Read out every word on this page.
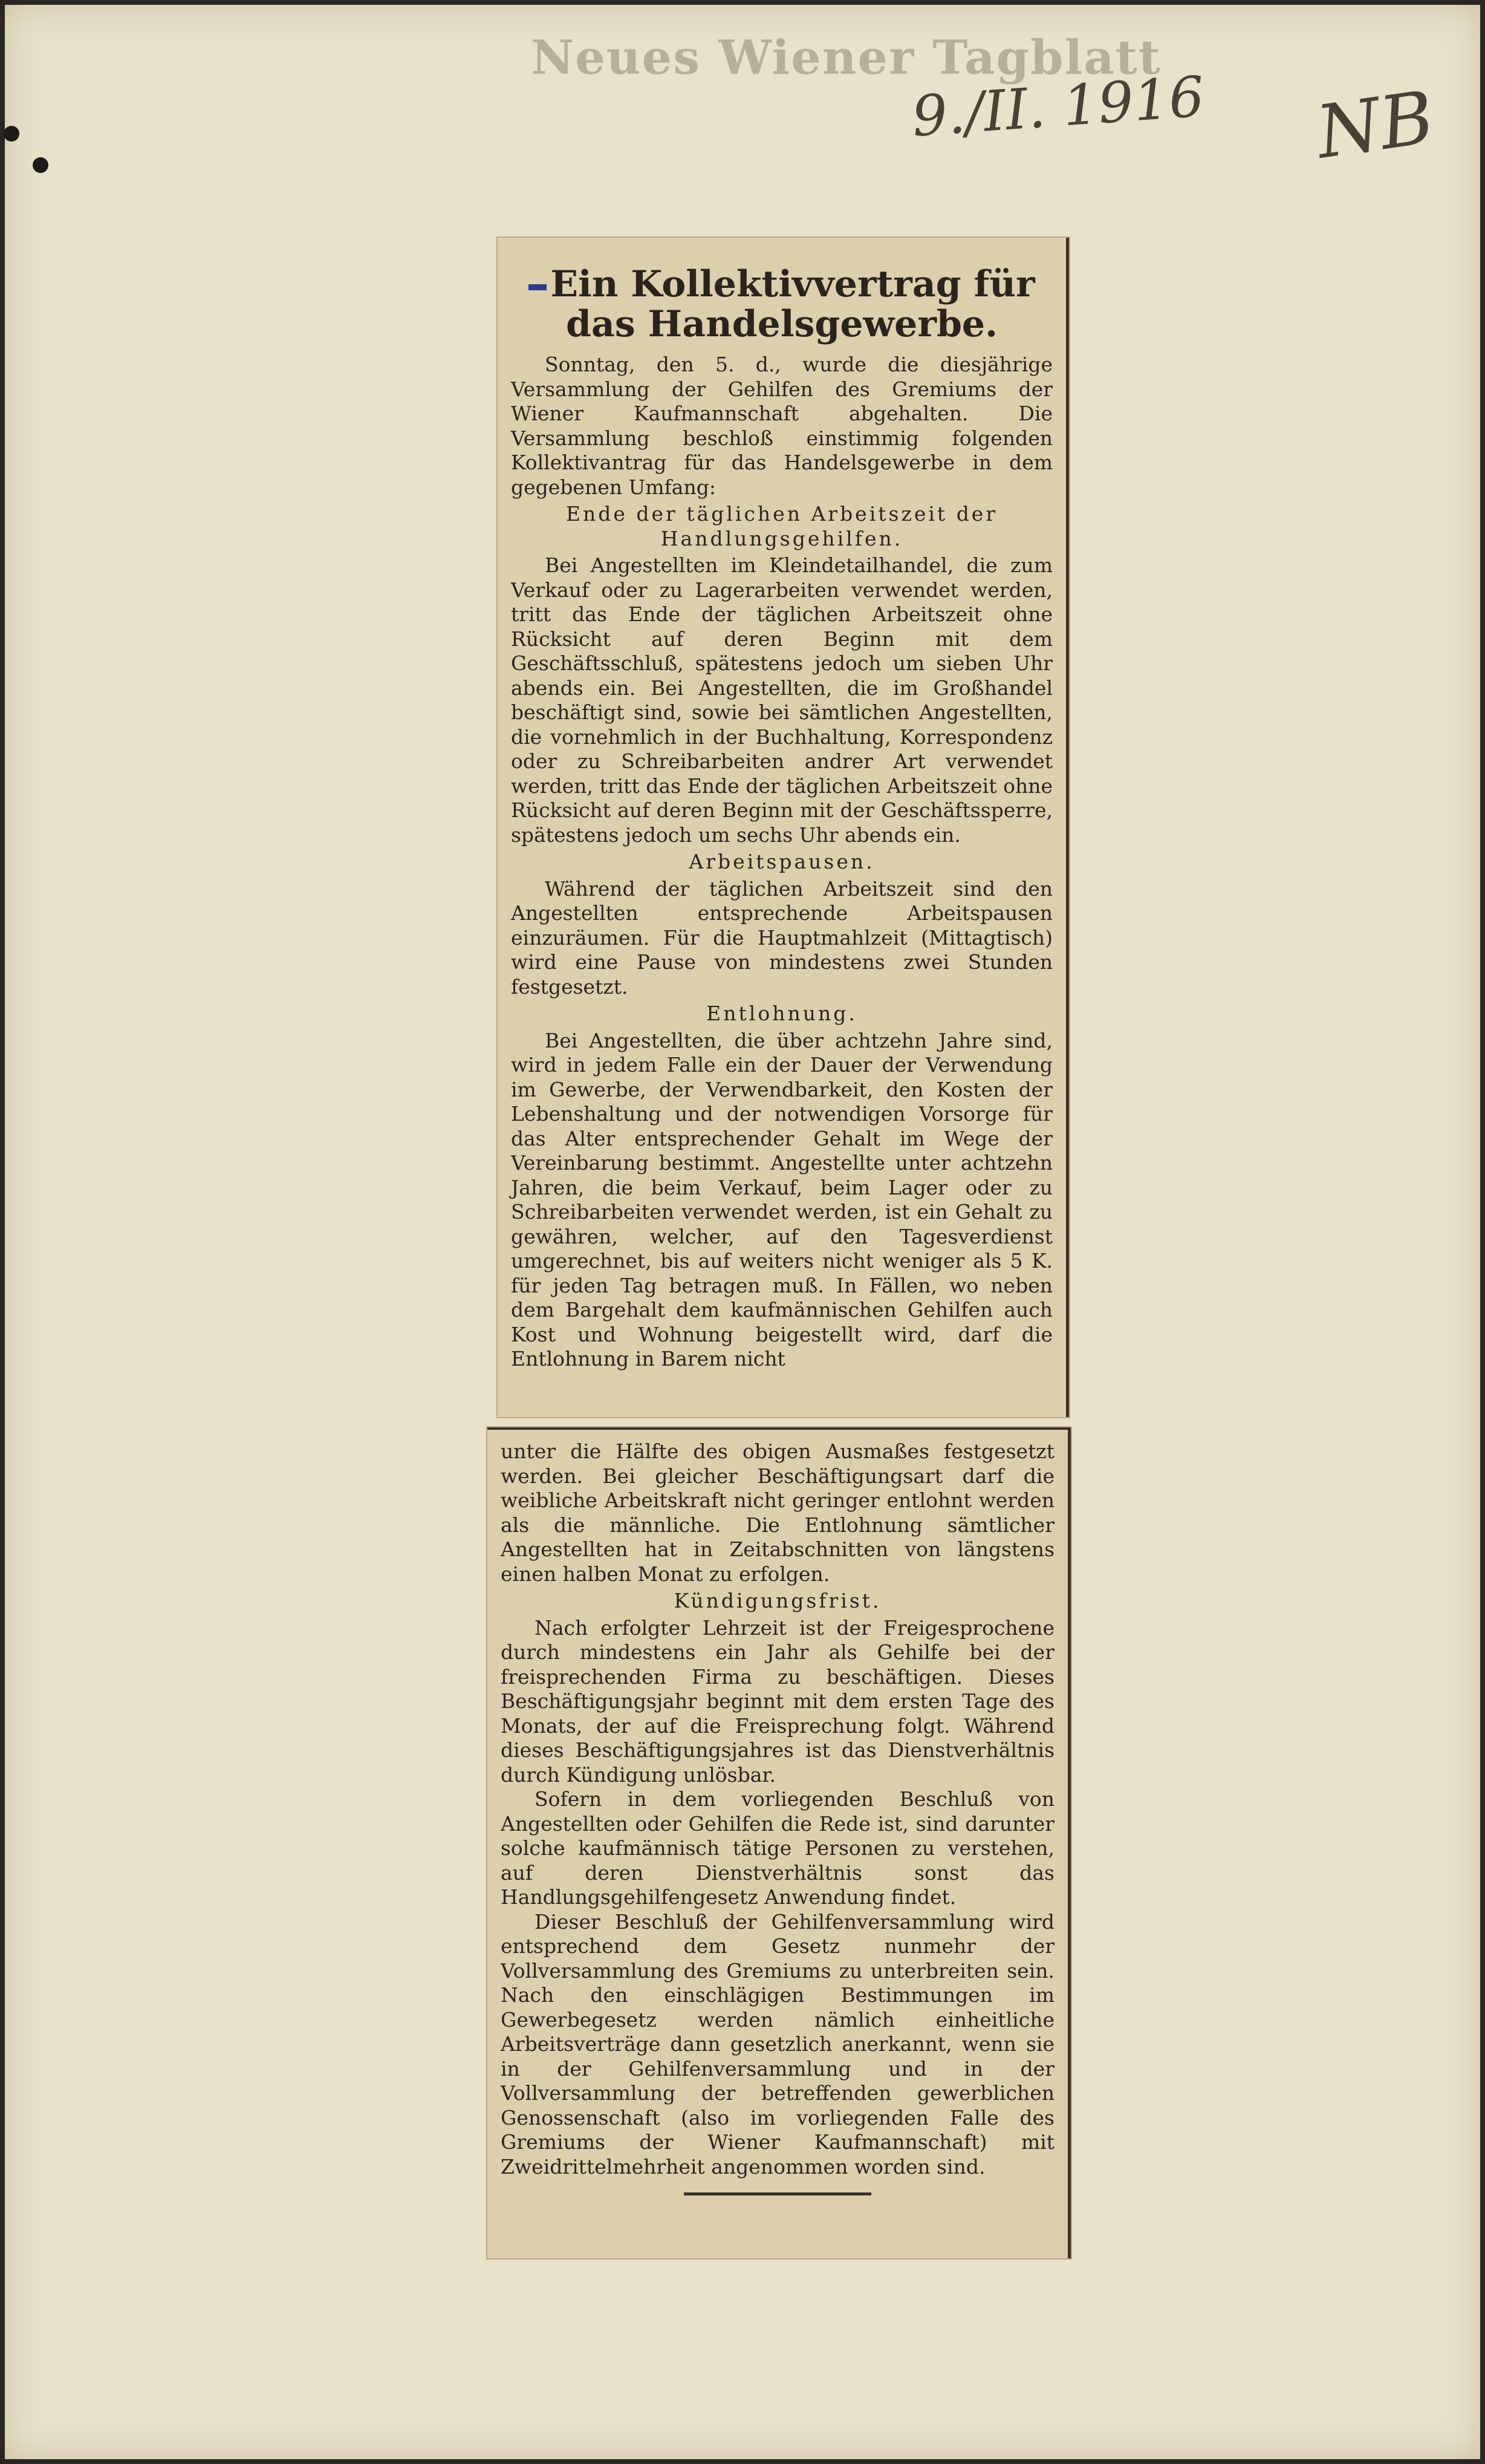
Neues Wiener Tagblatt
9./II. 1916 NB
Ein Kollektivvertrag für das Handelsgewerbe.
Sonntag, den 5. d., wurde die diesjährige Versammlung der Gehilfen des Gremiums der Wiener Kaufmannschaft abgehalten. Die Versammlung beschloß einstimmig folgenden Kollektivantrag für das Handelsgewerbe in dem gegebenen Umfang:
Ende der täglichen Arbeitszeit der Handlungsgehilfen.
Bei Angestellten im Kleindetailhandel, die zum Verkauf oder zu Lagerarbeiten verwendet werden, tritt das Ende der täglichen Arbeitszeit ohne Rücksicht auf deren Beginn mit dem Geschäftsschluß, spätestens jedoch um sieben Uhr abends ein. Bei Angestellten, die im Großhandel beschäftigt sind, sowie bei sämtlichen Angestellten, die vornehmlich in der Buchhaltung, Korrespondenz oder zu Schreibarbeiten andrer Art verwendet werden, tritt das Ende der täglichen Arbeitszeit ohne Rücksicht auf deren Beginn mit der Geschäftssperre, spätestens jedoch um sechs Uhr abends ein.
Arbeitspausen.
Während der täglichen Arbeitszeit sind den Angestellten entsprechende Arbeitspausen einzuräumen. Für die Hauptmahlzeit (Mittagtisch) wird eine Pause von mindestens zwei Stunden festgesetzt.
Entlohnung.
Bei Angestellten, die über achtzehn Jahre sind, wird in jedem Falle ein der Dauer der Verwendung im Gewerbe, der Verwendbarkeit, den Kosten der Lebenshaltung und der notwendigen Vorsorge für das Alter entsprechender Gehalt im Wege der Vereinbarung bestimmt. Angestellte unter achtzehn Jahren, die beim Verkauf, beim Lager oder zu Schreibarbeiten verwendet werden, ist ein Gehalt zu gewähren, welcher, auf den Tagesverdienst umgerechnet, bis auf weiters nicht weniger als 5 K. für jeden Tag betragen muß. In Fällen, wo neben dem Bargehalt dem kaufmännischen Gehilfen auch Kost und Wohnung beigestellt wird, darf die Entlohnung in Barem nicht
unter die Hälfte des obigen Ausmaßes festgesetzt werden. Bei gleicher Beschäftigungsart darf die weibliche Arbeitskraft nicht geringer entlohnt werden als die männliche. Die Entlohnung sämtlicher Angestellten hat in Zeitabschnitten von längstens einen halben Monat zu erfolgen.
Kündigungsfrist.
Nach erfolgter Lehrzeit ist der Freigesprochene durch mindestens ein Jahr als Gehilfe bei der freisprechenden Firma zu beschäftigen. Dieses Beschäftigungsjahr beginnt mit dem ersten Tage des Monats, der auf die Freisprechung folgt. Während dieses Beschäftigungsjahres ist das Dienstverhältnis durch Kündigung unlösbar.
Sofern in dem vorliegenden Beschluß von Angestellten oder Gehilfen die Rede ist, sind darunter solche kaufmännisch tätige Personen zu verstehen, auf deren Dienstverhältnis sonst das Handlungsgehilfengesetz Anwendung findet.
Dieser Beschluß der Gehilfenversammlung wird entsprechend dem Gesetz nunmehr der Vollversammlung des Gremiums zu unterbreiten sein. Nach den einschlägigen Bestimmungen im Gewerbegesetz werden nämlich einheitliche Arbeitsverträge dann gesetzlich anerkannt, wenn sie in der Gehilfenversammlung und in der Vollversammlung der betreffenden gewerblichen Genossenschaft (also im vorliegenden Falle des Gremiums der Wiener Kaufmannschaft) mit Zweidrittelmehrheit angenommen worden sind.
